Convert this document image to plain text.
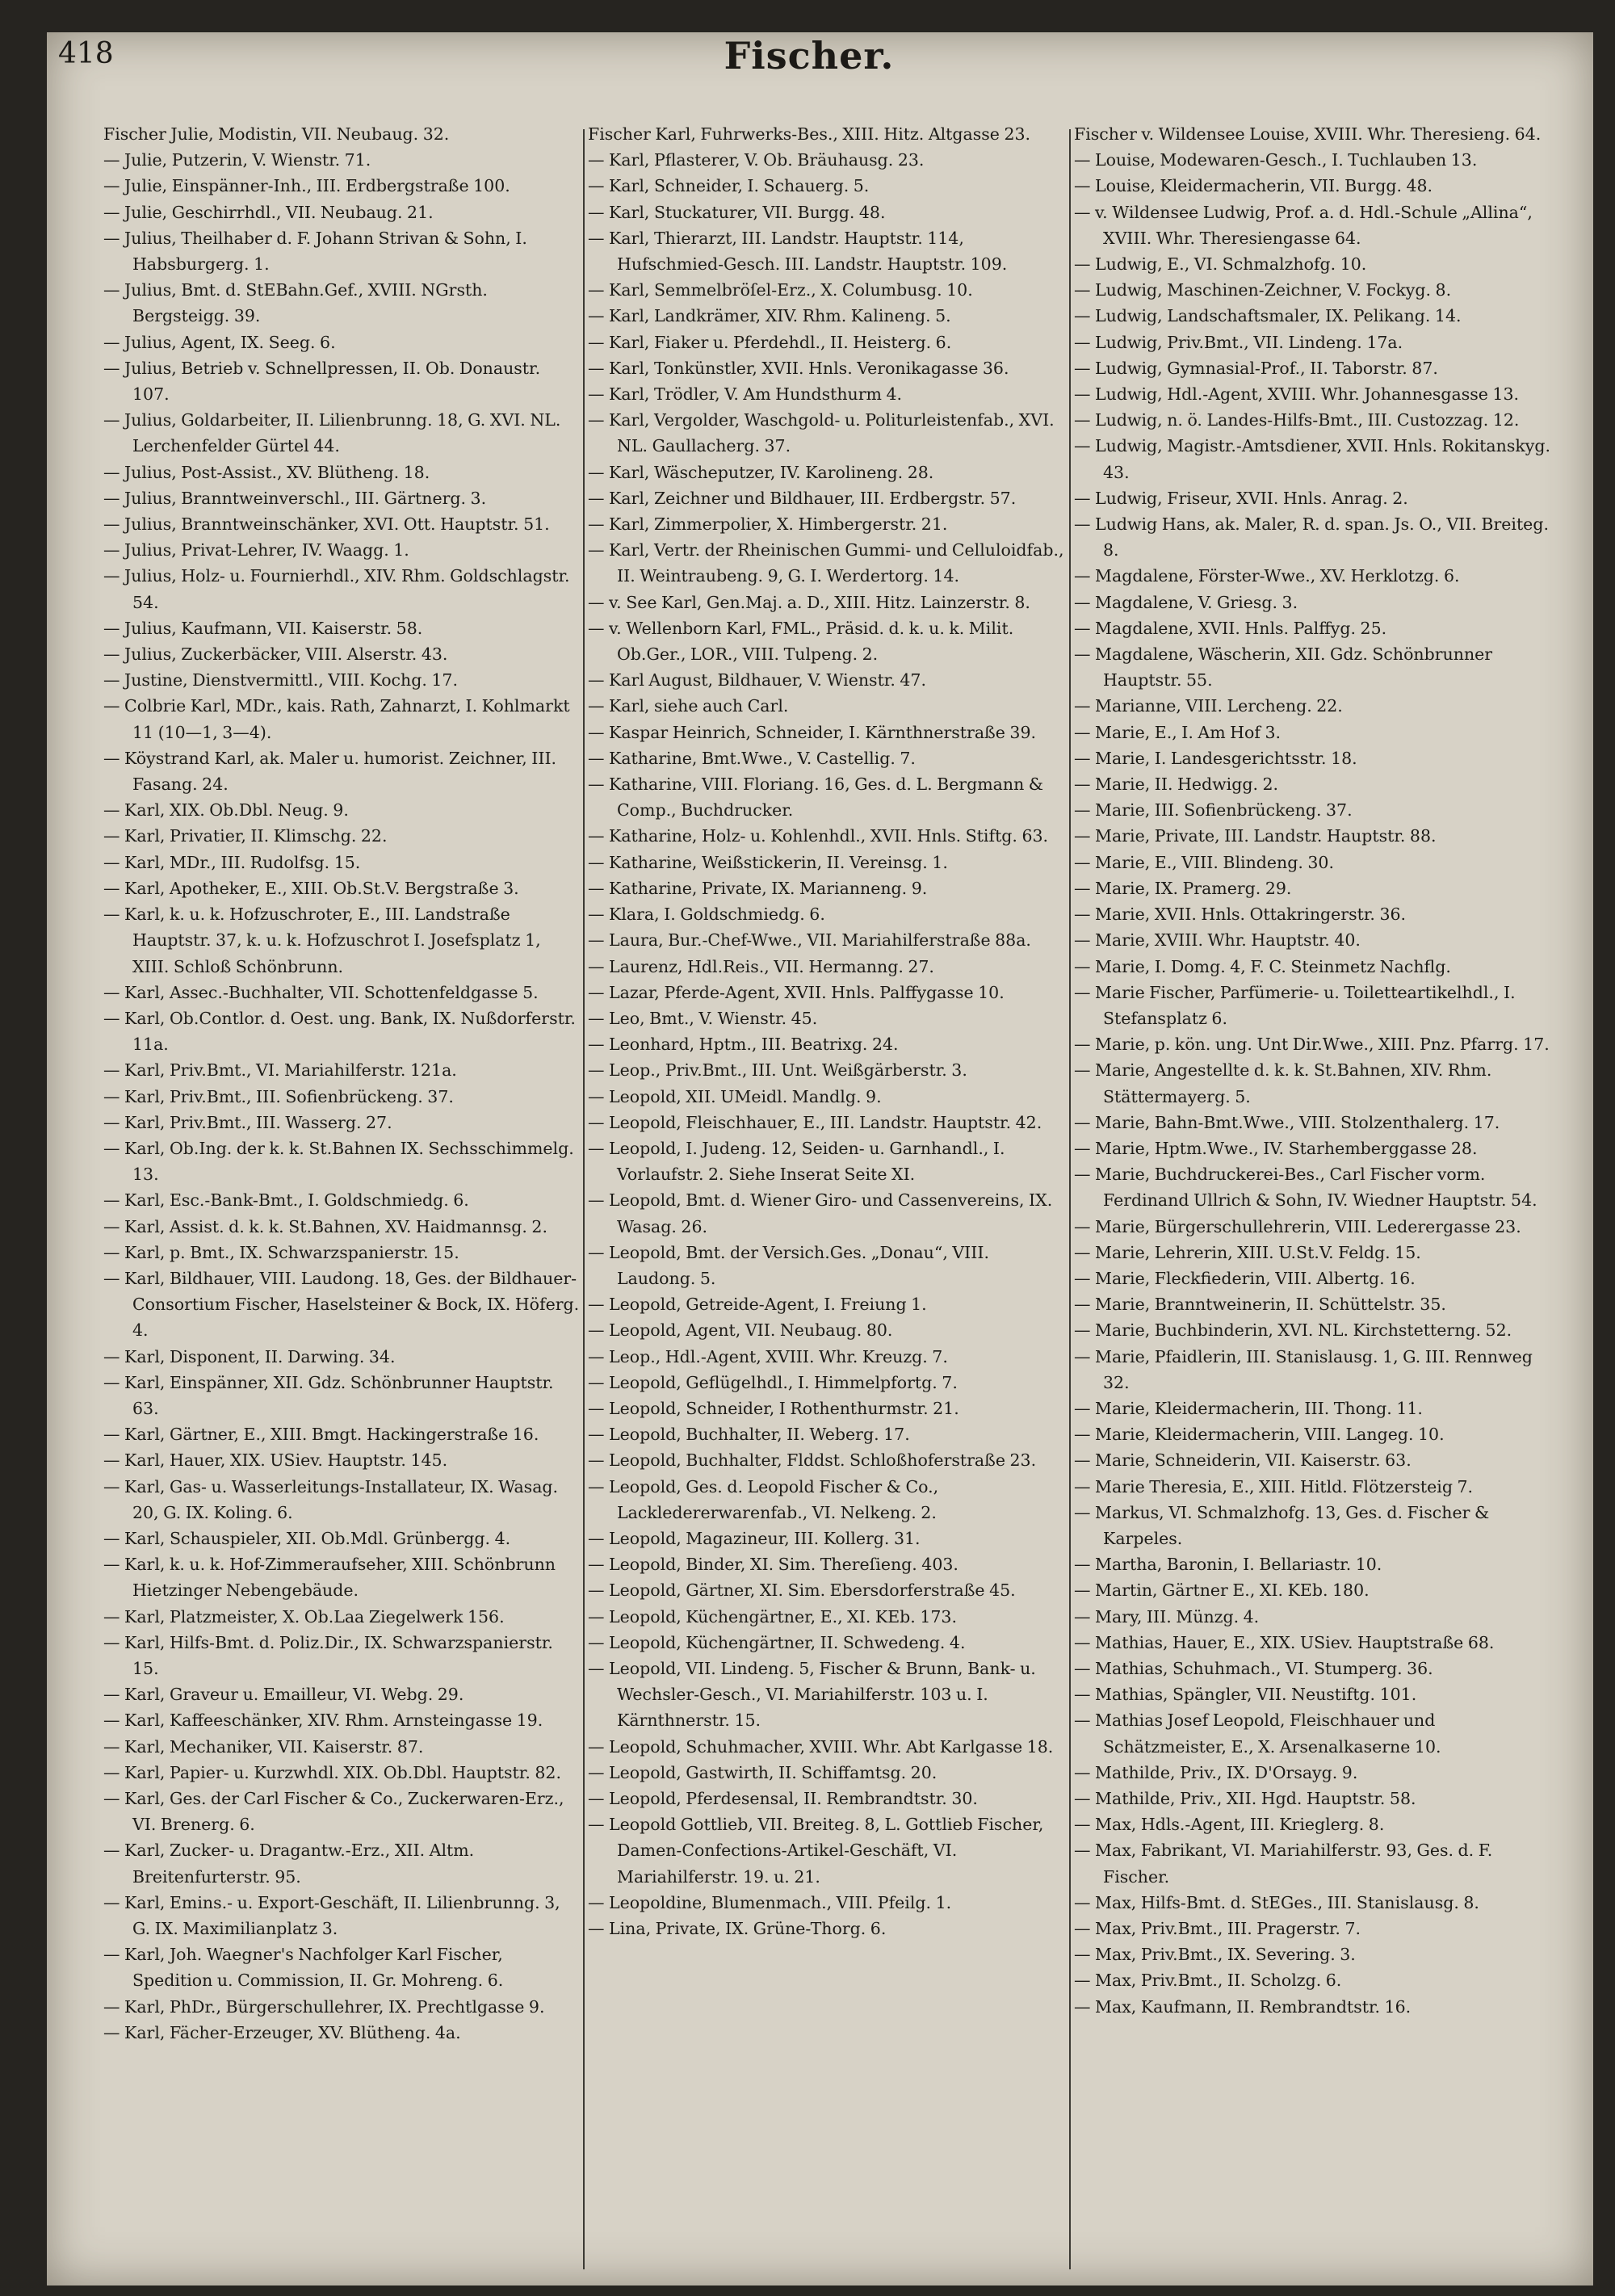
418	Fischer.
Fischer Julie, Modistin, VII. Neubaug. 32.
— Julie, Putzerin, V. Wienstr. 71.
— Julie, Einspänner-Inh., III. Erdbergstraße 100.
— Julie, Geschirrhdl., VII. Neubaug. 21.
— Julius, Theilhaber d. F. Johann Strivan & Sohn, I. Habsburgerg. 1.
— Julius, Bmt. d. StEBahn.Gef., XVIII. NGrsth. Bergsteigg. 39.
— Julius, Agent, IX. Seeg. 6.
— Julius, Betrieb v. Schnellpressen, II. Ob. Donaustr. 107.
— Julius, Goldarbeiter, II. Lilienbrunng. 18, G. XVI. NL. Lerchenfelder Gürtel 44.
— Julius, Post-Assist., XV. Blütheng. 18.
— Julius, Branntweinverschl., III. Gärtnerg. 3.
— Julius, Branntweinschänker, XVI. Ott. Hauptstr. 51.
— Julius, Privat-Lehrer, IV. Waagg. 1.
— Julius, Holz- u. Fournierhdl., XIV. Rhm. Goldschlagstr. 54.
— Julius, Kaufmann, VII. Kaiserstr. 58.
— Julius, Zuckerbäcker, VIII. Alserstr. 43.
— Justine, Dienstvermittl., VIII. Kochg. 17.
— Colbrie Karl, MDr., kais. Rath, Zahnarzt, I. Kohlmarkt 11 (10—1, 3—4).
— Köystrand Karl, ak. Maler u. humorist. Zeichner, III. Fasang. 24.
— Karl, XIX. Ob.Dbl. Neug. 9.
— Karl, Privatier, II. Klimschg. 22.
— Karl, MDr., III. Rudolfsg. 15.
— Karl, Apotheker, E., XIII. Ob.St.V. Bergstraße 3.
— Karl, k. u. k. Hofzuschroter, E., III. Landstraße Hauptstr. 37, k. u. k. Hofzuschrot I. Josefsplatz 1, XIII. Schloß Schönbrunn.
— Karl, Assec.-Buchhalter, VII. Schottenfeldgasse 5.
— Karl, Ob.Contlor. d. Oest. ung. Bank, IX. Nußdorferstr. 11a.
— Karl, Priv.Bmt., VI. Mariahilferstr. 121a.
— Karl, Priv.Bmt., III. Sofienbrückeng. 37.
— Karl, Priv.Bmt., III. Wasserg. 27.
— Karl, Ob.Ing. der k. k. St.Bahnen IX. Sechsschimmelg. 13.
— Karl, Esc.-Bank-Bmt., I. Goldschmiedg. 6.
— Karl, Assist. d. k. k. St.Bahnen, XV. Haidmannsg. 2.
— Karl, p. Bmt., IX. Schwarzspanierstr. 15.
— Karl, Bildhauer, VIII. Laudong. 18, Ges. der Bildhauer-Consortium Fischer, Haselsteiner & Bock, IX. Höferg. 4.
— Karl, Disponent, II. Darwing. 34.
— Karl, Einspänner, XII. Gdz. Schönbrunner Hauptstr. 63.
— Karl, Gärtner, E., XIII. Bmgt. Hackingerstraße 16.
— Karl, Hauer, XIX. USiev. Hauptstr. 145.
— Karl, Gas- u. Wasserleitungs-Installateur, IX. Wasag. 20, G. IX. Koling. 6.
— Karl, Schauspieler, XII. Ob.Mdl. Grünbergg. 4.
— Karl, k. u. k. Hof-Zimmeraufseher, XIII. Schönbrunn Hietzinger Nebengebäude.
— Karl, Platzmeister, X. Ob.Laa Ziegelwerk 156.
— Karl, Hilfs-Bmt. d. Poliz.Dir., IX. Schwarzspanierstr. 15.
— Karl, Graveur u. Emailleur, VI. Webg. 29.
— Karl, Kaffeeschänker, XIV. Rhm. Arnsteingasse 19.
— Karl, Mechaniker, VII. Kaiserstr. 87.
— Karl, Papier- u. Kurzwhdl. XIX. Ob.Dbl. Hauptstr. 82.
— Karl, Ges. der Carl Fischer & Co., Zuckerwaren-Erz., VI. Brenerg. 6.
— Karl, Zucker- u. Dragantw.-Erz., XII. Altm. Breitenfurterstr. 95.
— Karl, Emins.- u. Export-Geschäft, II. Lilienbrunng. 3, G. IX. Maximilianplatz 3.
— Karl, Joh. Waegner's Nachfolger Karl Fischer, Spedition u. Commission, II. Gr. Mohreng. 6.
— Karl, PhDr., Bürgerschullehrer, IX. Prechtlgasse 9.
— Karl, Fächer-Erzeuger, XV. Blütheng. 4a.
Fischer Karl, Fuhrwerks-Bes., XIII. Hitz. Altgasse 23.
— Karl, Pflasterer, V. Ob. Bräuhausg. 23.
— Karl, Schneider, I. Schauerg. 5.
— Karl, Stuckaturer, VII. Burgg. 48.
— Karl, Thierarzt, III. Landstr. Hauptstr. 114, Hufschmied-Gesch. III. Landstr. Hauptstr. 109.
— Karl, Semmelbröſel-Erz., X. Columbusg. 10.
— Karl, Landkrämer, XIV. Rhm. Kalineng. 5.
— Karl, Fiaker u. Pferdehdl., II. Heisterg. 6.
— Karl, Tonkünstler, XVII. Hnls. Veronikagasse 36.
— Karl, Trödler, V. Am Hundsthurm 4.
— Karl, Vergolder, Waschgold- u. Politurleistenfab., XVI. NL. Gaullacherg. 37.
— Karl, Wäscheputzer, IV. Karolineng. 28.
— Karl, Zeichner und Bildhauer, III. Erdbergstr. 57.
— Karl, Zimmerpolier, X. Himbergerstr. 21.
— Karl, Vertr. der Rheinischen Gummi- und Celluloidfab., II. Weintraubeng. 9, G. I. Werdertorg. 14.
— v. See Karl, Gen.Maj. a. D., XIII. Hitz. Lainzerstr. 8.
— v. Wellenborn Karl, FML., Präsid. d. k. u. k. Milit. Ob.Ger., LOR., VIII. Tulpeng. 2.
— Karl August, Bildhauer, V. Wienstr. 47.
— Karl, siehe auch Carl.
— Kaspar Heinrich, Schneider, I. Kärnthnerstraße 39.
— Katharine, Bmt.Wwe., V. Castellig. 7.
— Katharine, VIII. Floriang. 16, Ges. d. L. Bergmann & Comp., Buchdrucker.
— Katharine, Holz- u. Kohlenhdl., XVII. Hnls. Stiftg. 63.
— Katharine, Weißstickerin, II. Vereinsg. 1.
— Katharine, Private, IX. Marianneng. 9.
— Klara, I. Goldschmiedg. 6.
— Laura, Bur.-Chef-Wwe., VII. Mariahilferstraße 88a.
— Laurenz, Hdl.Reis., VII. Hermanng. 27.
— Lazar, Pferde-Agent, XVII. Hnls. Palffygasse 10.
— Leo, Bmt., V. Wienstr. 45.
— Leonhard, Hptm., III. Beatrixg. 24.
— Leop., Priv.Bmt., III. Unt. Weißgärberstr. 3.
— Leopold, XII. UMeidl. Mandlg. 9.
— Leopold, Fleischhauer, E., III. Landstr. Hauptstr. 42.
— Leopold, I. Judeng. 12, Seiden- u. Garnhandl., I. Vorlaufstr. 2. Siehe Inserat Seite XI.
— Leopold, Bmt. d. Wiener Giro- und Cassenvereins, IX. Wasag. 26.
— Leopold, Bmt. der Versich.Ges. „Donau“, VIII. Laudong. 5.
— Leopold, Getreide-Agent, I. Freiung 1.
— Leopold, Agent, VII. Neubaug. 80.
— Leop., Hdl.-Agent, XVIII. Whr. Kreuzg. 7.
— Leopold, Geflügelhdl., I. Himmelpfortg. 7.
— Leopold, Schneider, I Rothenthurmstr. 21.
— Leopold, Buchhalter, II. Weberg. 17.
— Leopold, Buchhalter, Flddst. Schloßhoferstraße 23.
— Leopold, Ges. d. Leopold Fischer & Co., Lackledererwarenfab., VI. Nelkeng. 2.
— Leopold, Magazineur, III. Kollerg. 31.
— Leopold, Binder, XI. Sim. Thereſieng. 403.
— Leopold, Gärtner, XI. Sim. Ebersdorferstraße 45.
— Leopold, Küchengärtner, E., XI. KEb. 173.
— Leopold, Küchengärtner, II. Schwedeng. 4.
— Leopold, VII. Lindeng. 5, Fischer & Brunn, Bank- u. Wechsler-Gesch., VI. Mariahilferstr. 103 u. I. Kärnthnerstr. 15.
— Leopold, Schuhmacher, XVIII. Whr. Abt Karlgasse 18.
— Leopold, Gastwirth, II. Schiffamtsg. 20.
— Leopold, Pferdesensal, II. Rembrandtstr. 30.
— Leopold Gottlieb, VII. Breiteg. 8, L. Gottlieb Fischer, Damen-Confections-Artikel-Geschäft, VI. Mariahilferstr. 19. u. 21.
— Leopoldine, Blumenmach., VIII. Pfeilg. 1.
— Lina, Private, IX. Grüne-Thorg. 6.
Fischer v. Wildensee Louise, XVIII. Whr. Theresieng. 64.
— Louise, Modewaren-Gesch., I. Tuchlauben 13.
— Louise, Kleidermacherin, VII. Burgg. 48.
— v. Wildensee Ludwig, Prof. a. d. Hdl.-Schule „Allina“, XVIII. Whr. Theresiengasse 64.
— Ludwig, E., VI. Schmalzhofg. 10.
— Ludwig, Maschinen-Zeichner, V. Fockyg. 8.
— Ludwig, Landschaftsmaler, IX. Pelikang. 14.
— Ludwig, Priv.Bmt., VII. Lindeng. 17a.
— Ludwig, Gymnasial-Prof., II. Taborstr. 87.
— Ludwig, Hdl.-Agent, XVIII. Whr. Johannesgasse 13.
— Ludwig, n. ö. Landes-Hilfs-Bmt., III. Custozzag. 12.
— Ludwig, Magistr.-Amtsdiener, XVII. Hnls. Rokitanskyg. 43.
— Ludwig, Friseur, XVII. Hnls. Anrag. 2.
— Ludwig Hans, ak. Maler, R. d. span. Js. O., VII. Breiteg. 8.
— Magdalene, Förster-Wwe., XV. Herklotzg. 6.
— Magdalene, V. Griesg. 3.
— Magdalene, XVII. Hnls. Palffyg. 25.
— Magdalene, Wäscherin, XII. Gdz. Schönbrunner Hauptstr. 55.
— Marianne, VIII. Lercheng. 22.
— Marie, E., I. Am Hof 3.
— Marie, I. Landesgerichtsstr. 18.
— Marie, II. Hedwigg. 2.
— Marie, III. Sofienbrückeng. 37.
— Marie, Private, III. Landstr. Hauptstr. 88.
— Marie, E., VIII. Blindeng. 30.
— Marie, IX. Pramerg. 29.
— Marie, XVII. Hnls. Ottakringerstr. 36.
— Marie, XVIII. Whr. Hauptstr. 40.
— Marie, I. Domg. 4, F. C. Steinmetz Nachflg.
— Marie Fischer, Parfümerie- u. Toiletteartikelhdl., I. Stefansplatz 6.
— Marie, p. kön. ung. Unt Dir.Wwe., XIII. Pnz. Pfarrg. 17.
— Marie, Angestellte d. k. k. St.Bahnen, XIV. Rhm. Stättermayerg. 5.
— Marie, Bahn-Bmt.Wwe., VIII. Stolzenthalerg. 17.
— Marie, Hptm.Wwe., IV. Starhemberggasse 28.
— Marie, Buchdruckerei-Bes., Carl Fischer vorm. Ferdinand Ullrich & Sohn, IV. Wiedner Hauptstr. 54.
— Marie, Bürgerschullehrerin, VIII. Lederergasse 23.
— Marie, Lehrerin, XIII. U.St.V. Feldg. 15.
— Marie, Fleckfiederin, VIII. Albertg. 16.
— Marie, Branntweinerin, II. Schüttelstr. 35.
— Marie, Buchbinderin, XVI. NL. Kirchstetterng. 52.
— Marie, Pfaidlerin, III. Stanislausg. 1, G. III. Rennweg 32.
— Marie, Kleidermacherin, III. Thong. 11.
— Marie, Kleidermacherin, VIII. Langeg. 10.
— Marie, Schneiderin, VII. Kaiserstr. 63.
— Marie Theresia, E., XIII. Hitld. Flötzersteig 7.
— Markus, VI. Schmalzhofg. 13, Ges. d. Fischer & Karpeles.
— Martha, Baronin, I. Bellariastr. 10.
— Martin, Gärtner E., XI. KEb. 180.
— Mary, III. Münzg. 4.
— Mathias, Hauer, E., XIX. USiev. Hauptstraße 68.
— Mathias, Schuhmach., VI. Stumperg. 36.
— Mathias, Spängler, VII. Neustiftg. 101.
— Mathias Josef Leopold, Fleischhauer und Schätzmeister, E., X. Arsenalkaserne 10.
— Mathilde, Priv., IX. D'Orsayg. 9.
— Mathilde, Priv., XII. Hgd. Hauptstr. 58.
— Max, Hdls.-Agent, III. Krieglerg. 8.
— Max, Fabrikant, VI. Mariahilferstr. 93, Ges. d. F. Fischer.
— Max, Hilfs-Bmt. d. StEGes., III. Stanislausg. 8.
— Max, Priv.Bmt., III. Pragerstr. 7.
— Max, Priv.Bmt., IX. Severing. 3.
— Max, Priv.Bmt., II. Scholzg. 6.
— Max, Kaufmann, II. Rembrandtstr. 16.
